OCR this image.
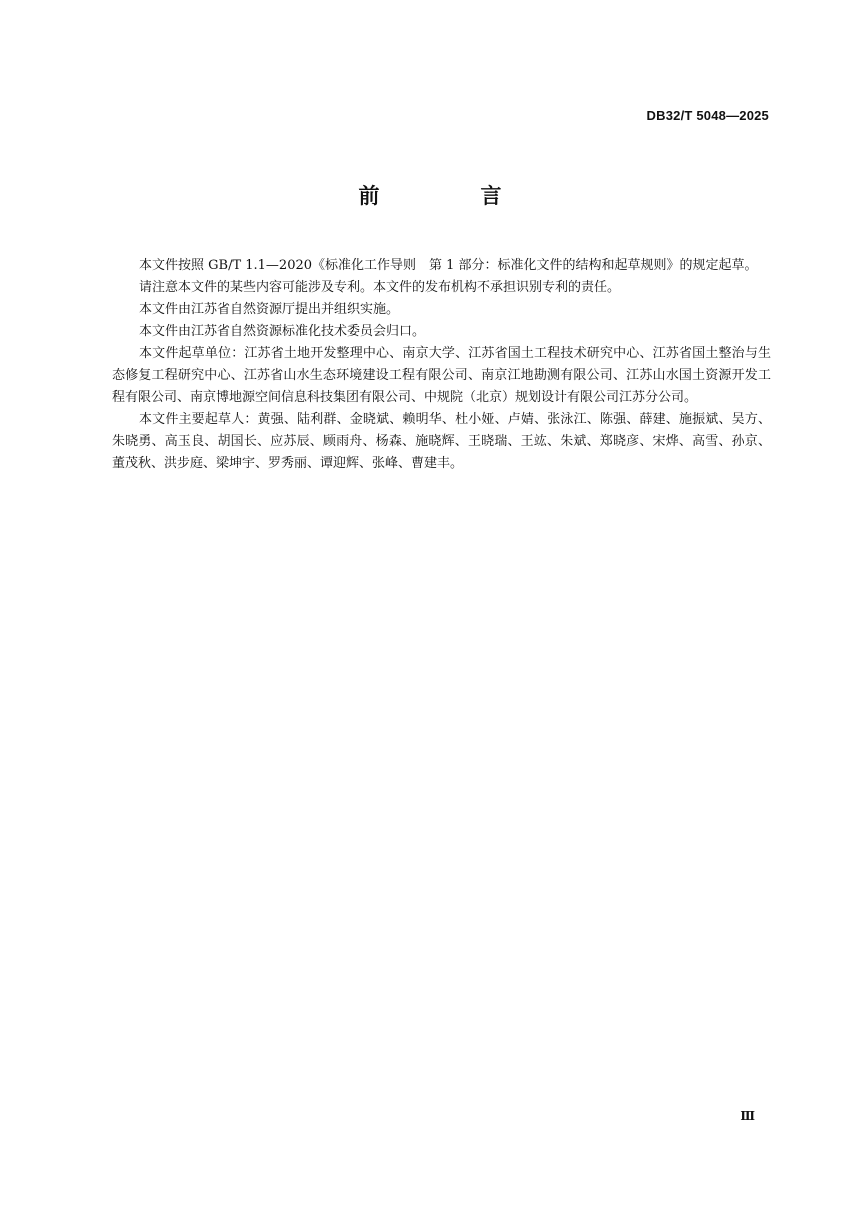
DB32/T 5048—2025
前　言

本文件按照 GB/T 1.1—2020《标准化工作导则　第 1 部分：标准化文件的结构和起草规则》的规定起草。

请注意本文件的某些内容可能涉及专利。本文件的发布机构不承担识别专利的责任。

本文件由江苏省自然资源厅提出并组织实施。

本文件由江苏省自然资源标准化技术委员会归口。

本文件起草单位：江苏省土地开发整理中心、南京大学、江苏省国土工程技术研究中心、江苏省国土整治与生态修复工程研究中心、江苏省山水生态环境建设工程有限公司、南京江地勘测有限公司、江苏山水国土资源开发工程有限公司、南京博地源空间信息科技集团有限公司、中规院（北京）规划设计有限公司江苏分公司。

本文件主要起草人：黄强、陆利群、金晓斌、赖明华、杜小娅、卢婧、张泳江、陈强、薛建、施振斌、吴方、朱晓勇、高玉良、胡国长、应苏辰、顾雨舟、杨森、施晓辉、王晓瑞、王竑、朱斌、郑晓彦、宋烨、高雪、孙京、董茂秋、洪步庭、梁坤宇、罗秀丽、谭迎辉、张峰、曹建丰。

Ⅲ
